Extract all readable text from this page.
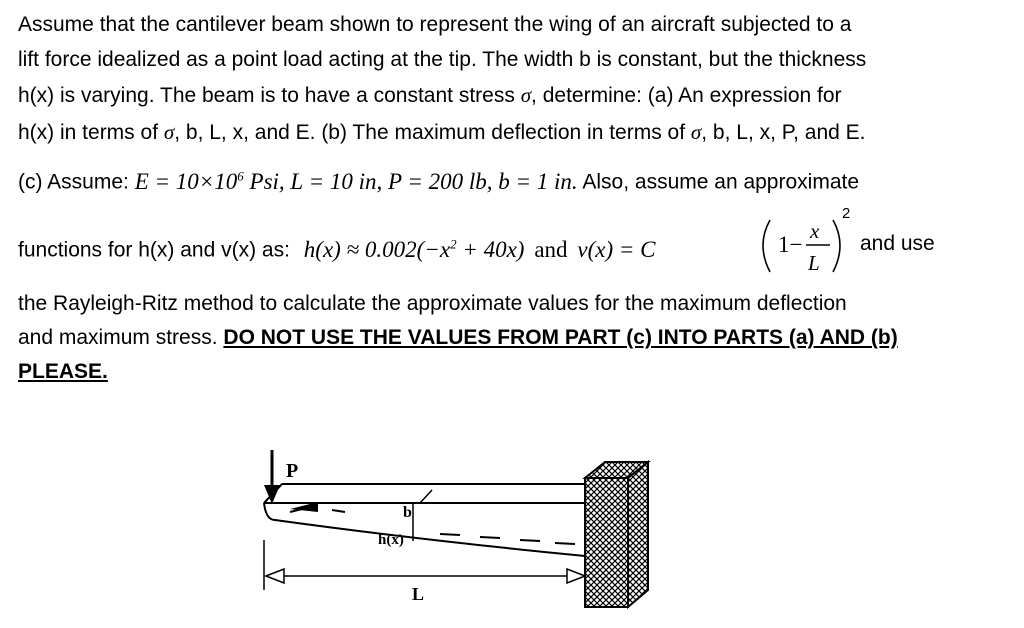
Assume that the cantilever beam shown to represent the wing of an aircraft subjected to a
lift force idealized as a point load acting at the tip. The width b is constant, but the thickness
h(x) is varying. The beam is to have a constant stress σ, determine: (a) An expression for
h(x) in terms of σ, b, L, x, and E. (b) The maximum deflection in terms of σ, b, L, x, P, and E.
(c) Assume: $E = 10\times 10^6$ Psi, L = 10 in, P = 200 lb, b = 1 in. Also, assume an approximate
functions for h(x) and v(x) as: $h(x) \approx 0.002(-x^2 + 40x)$ and v(x) = C	1−
x
L
2
and use
the Rayleigh-Ritz method to calculate the approximate values for the maximum deflection
and maximum stress. DO NOT USE THE VALUES FROM PART (c) INTO PARTS (a) AND (b)
PLEASE.
P
b
h(x)
L
